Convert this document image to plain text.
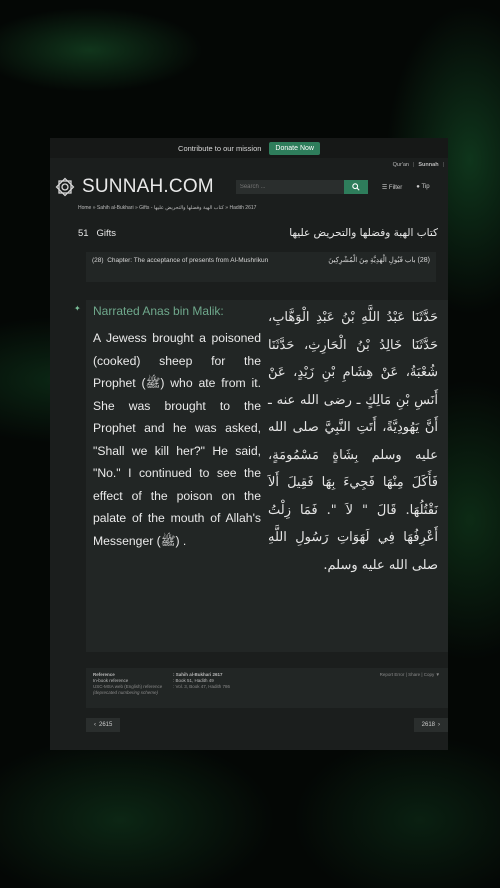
Contribute to our mission	Donate Now
Qur'an | Sunnah |
SUNNAH.COM
Search ...	☰ Filter ● Tip
Home » Sahih al-Bukhari » Gifts - كتاب الهبة وفضلها والتحريض عليها » Hadith 2617
51 Gifts	كتاب الهبة وفضلها والتحريض عليها
(28) Chapter: The acceptance of presents from Al-Mushrikun	(28) باب قَبُولِ الْهَدِيَّةِ مِنَ الْمُشْرِكِينَ
✦ Narrated Anas bin Malik:
A Jewess brought a poisoned (cooked) sheep for the Prophet (ﷺ) who ate from it. She was brought to the Prophet and he was asked, "Shall we kill her?" He said, "No." I continued to see the effect of the poison on the palate of the mouth of Allah's Messenger (ﷺ) .
حَدَّثَنَا عَبْدُ اللَّهِ بْنُ عَبْدِ الْوَهَّابِ، حَدَّثَنَا خَالِدُ بْنُ الْحَارِثِ، حَدَّثَنَا شُعْبَةُ، عَنْ هِشَامِ بْنِ زَيْدٍ، عَنْ أَنَسِ بْنِ مَالِكٍ ـ رضى الله عنه ـ أَنَّ يَهُودِيَّةً، أَتَتِ النَّبِيَّ صلى الله عليه وسلم بِشَاةٍ مَسْمُومَةٍ، فَأَكَلَ مِنْهَا فَجِيءَ بِهَا فَقِيلَ أَلاَ نَقْتُلُهَا‏.‏ قَالَ ‏"‏ لاَ ‏"‏‏.‏ فَمَا زِلْتُ أَعْرِفُهَا فِي لَهَوَاتِ رَسُولِ اللَّهِ صلى الله عليه وسلم‏.‏
Reference	: Sahih al-Bukhari 2617
In-book reference	: Book 51, Hadith 49
USC-MSA web (English) reference	: Vol. 3, Book 47, Hadith 786
(deprecated numbering scheme)
Report Error | Share | Copy ▼
‹ 2615	2618 ›
